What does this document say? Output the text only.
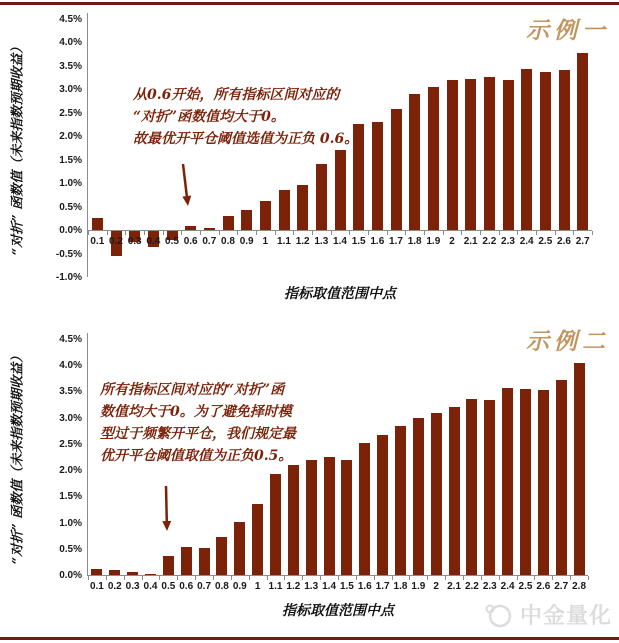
示例一
4.5%
4.0%
3.5%
3.0%
2.5%
2.0%
1.5%
1.0%
0.5%
0.0%
-0.5%
-1.0%
0.1 0.2 0.3 0.4 0.5 0.6 0.7 0.8 0.9 1 1.1 1.2 1.3 1.4 1.5 1.6 1.7 1.8 1.9 2 2.1 2.2 2.3 2.4 2.5 2.6 2.7
“对折” 函数值（未来指数预期收益）
指标取值范围中点
从0.6开始，所有指标区间对应的
“对折”函数值均大于0。
故最优开平仓阈值选值为正负 0.6。
示例二
4.5%
4.0%
3.5%
3.0%
2.5%
2.0%
1.5%
1.0%
0.5%
0.0%
0.1 0.2 0.3 0.4 0.5 0.6 0.7 0.8 0.9 1 1.1 1.2 1.3 1.4 1.5 1.6 1.7 1.8 1.9 2 2.1 2.2 2.3 2.4 2.5 2.6 2.7 2.8
“对折” 函数值（未来指数预期收益）
指标取值范围中点
所有指标区间对应的“对折”函
数值均大于0。为了避免择时模
型过于频繁开平仓，我们规定最
优开平仓阈值取值为正负0.5。
中金量化
